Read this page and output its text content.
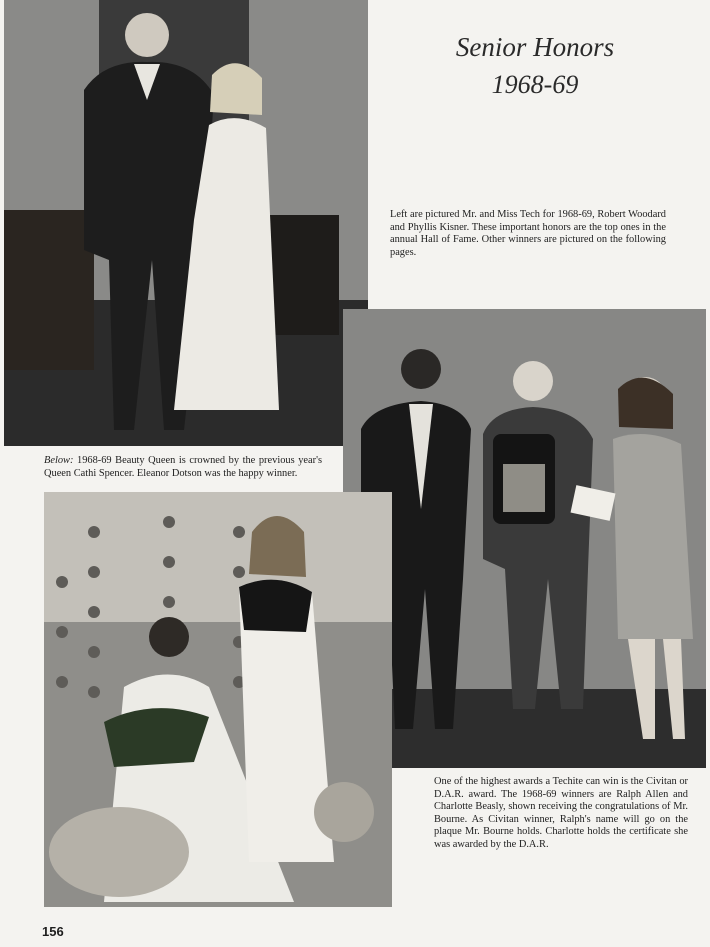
Senior Honors
1968-69
Left are pictured Mr. and Miss Tech for 1968-69, Robert Woodard and Phyllis Kisner. These important honors are the top ones in the annual Hall of Fame. Other winners are pictured on the following pages.
Below: 1968-69 Beauty Queen is crowned by the previous year's Queen Cathi Spencer. Eleanor Dotson was the happy winner.
One of the highest awards a Techite can win is the Civitan or D.A.R. award. The 1968-69 winners are Ralph Allen and Charlotte Beasly, shown receiving the congratulations of Mr. Bourne. As Civitan winner, Ralph's name will go on the plaque Mr. Bourne holds. Charlotte holds the certificate she was awarded by the D.A.R.
156
